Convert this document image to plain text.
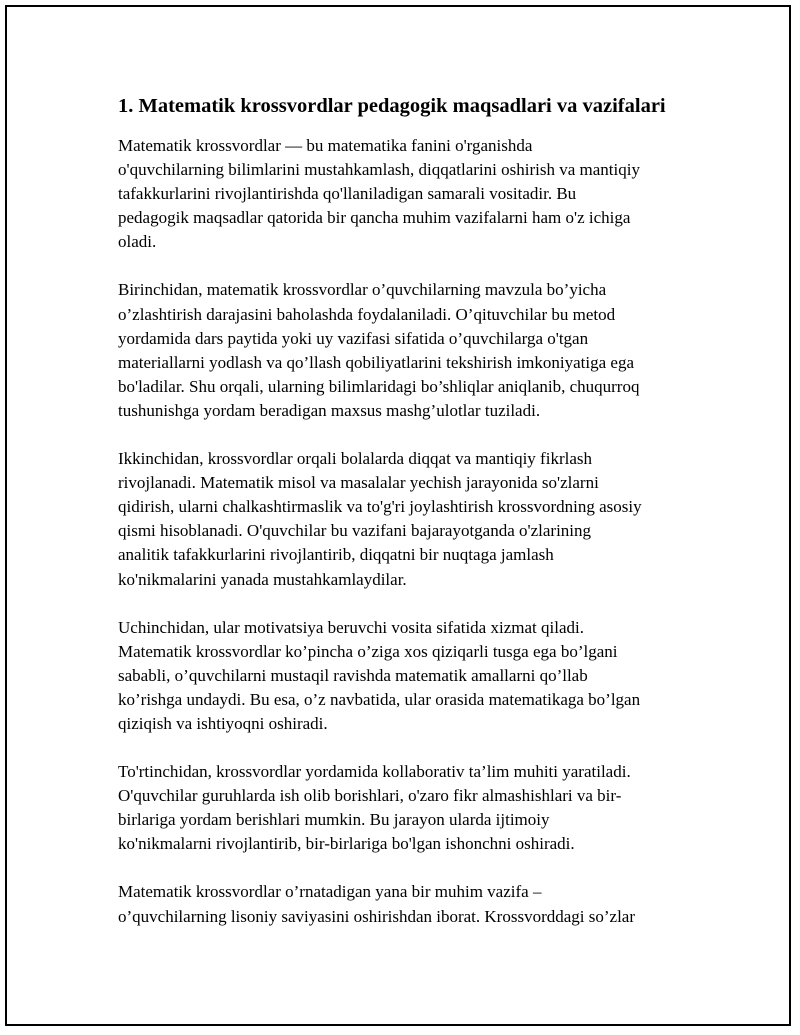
1. Matematik krossvordlar pedagogik maqsadlari va vazifalari

Matematik krossvordlar — bu matematika fanini o'rganishda
o'quvchilarning bilimlarini mustahkamlash, diqqatlarini oshirish va mantiqiy
tafakkurlarini rivojlantirishda qo'llaniladigan samarali vositadir. Bu
pedagogik maqsadlar qatorida bir qancha muhim vazifalarni ham o'z ichiga
oladi.

Birinchidan, matematik krossvordlar o’quvchilarning mavzula bo’yicha
o’zlashtirish darajasini baholashda foydalaniladi. O’qituvchilar bu metod
yordamida dars paytida yoki uy vazifasi sifatida o’quvchilarga o'tgan
materiallarni yodlash va qo’llash qobiliyatlarini tekshirish imkoniyatiga ega
bo'ladilar. Shu orqali, ularning bilimlaridagi bo’shliqlar aniqlanib, chuqurroq
tushunishga yordam beradigan maxsus mashg’ulotlar tuziladi.

Ikkinchidan, krossvordlar orqali bolalarda diqqat va mantiqiy fikrlash
rivojlanadi. Matematik misol va masalalar yechish jarayonida so'zlarni
qidirish, ularni chalkashtirmaslik va to'g'ri joylashtirish krossvordning asosiy
qismi hisoblanadi. O'quvchilar bu vazifani bajarayotganda o'zlarining
analitik tafakkurlarini rivojlantirib, diqqatni bir nuqtaga jamlash
ko'nikmalarini yanada mustahkamlaydilar.

Uchinchidan, ular motivatsiya beruvchi vosita sifatida xizmat qiladi.
Matematik krossvordlar ko’pincha o’ziga xos qiziqarli tusga ega bo’lgani
sababli, o’quvchilarni mustaqil ravishda matematik amallarni qo’llab
ko’rishga undaydi. Bu esa, o’z navbatida, ular orasida matematikaga bo’lgan
qiziqish va ishtiyoqni oshiradi.

To'rtinchidan, krossvordlar yordamida kollaborativ ta’lim muhiti yaratiladi.
O'quvchilar guruhlarda ish olib borishlari, o'zaro fikr almashishlari va bir-
birlariga yordam berishlari mumkin. Bu jarayon ularda ijtimoiy
ko'nikmalarni rivojlantirib, bir-birlariga bo'lgan ishonchni oshiradi.

Matematik krossvordlar o’rnatadigan yana bir muhim vazifa –
o’quvchilarning lisoniy saviyasini oshirishdan iborat. Krossvorddagi so’zlar
